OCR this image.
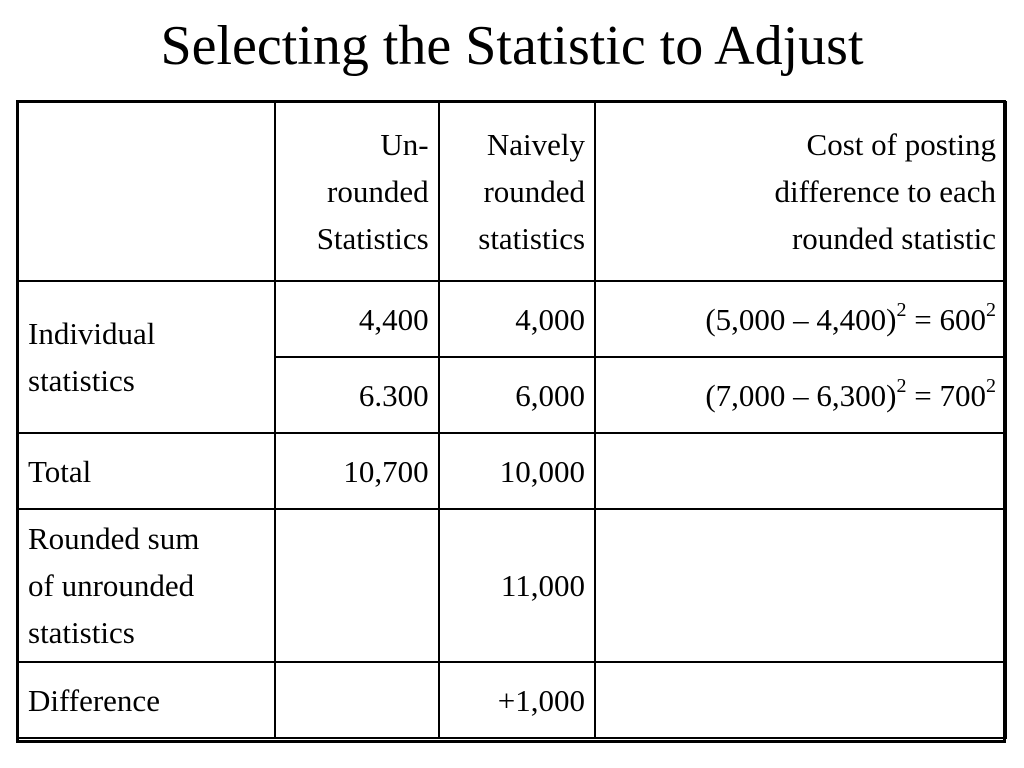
Selecting the Statistic to Adjust
	Un-
rounded
Statistics	Naively
rounded
statistics	Cost of posting
difference to each
rounded statistic
Individual
statistics	4,400	4,000	$(5,000 - 4,400)^2 = 600^2$
	6.300	6,000	$(7,000 - 6,300)^2 = 700^2$
Total	10,700	10,000	
Rounded sum
of unrounded
statistics		11,000	
Difference		+1,000	
